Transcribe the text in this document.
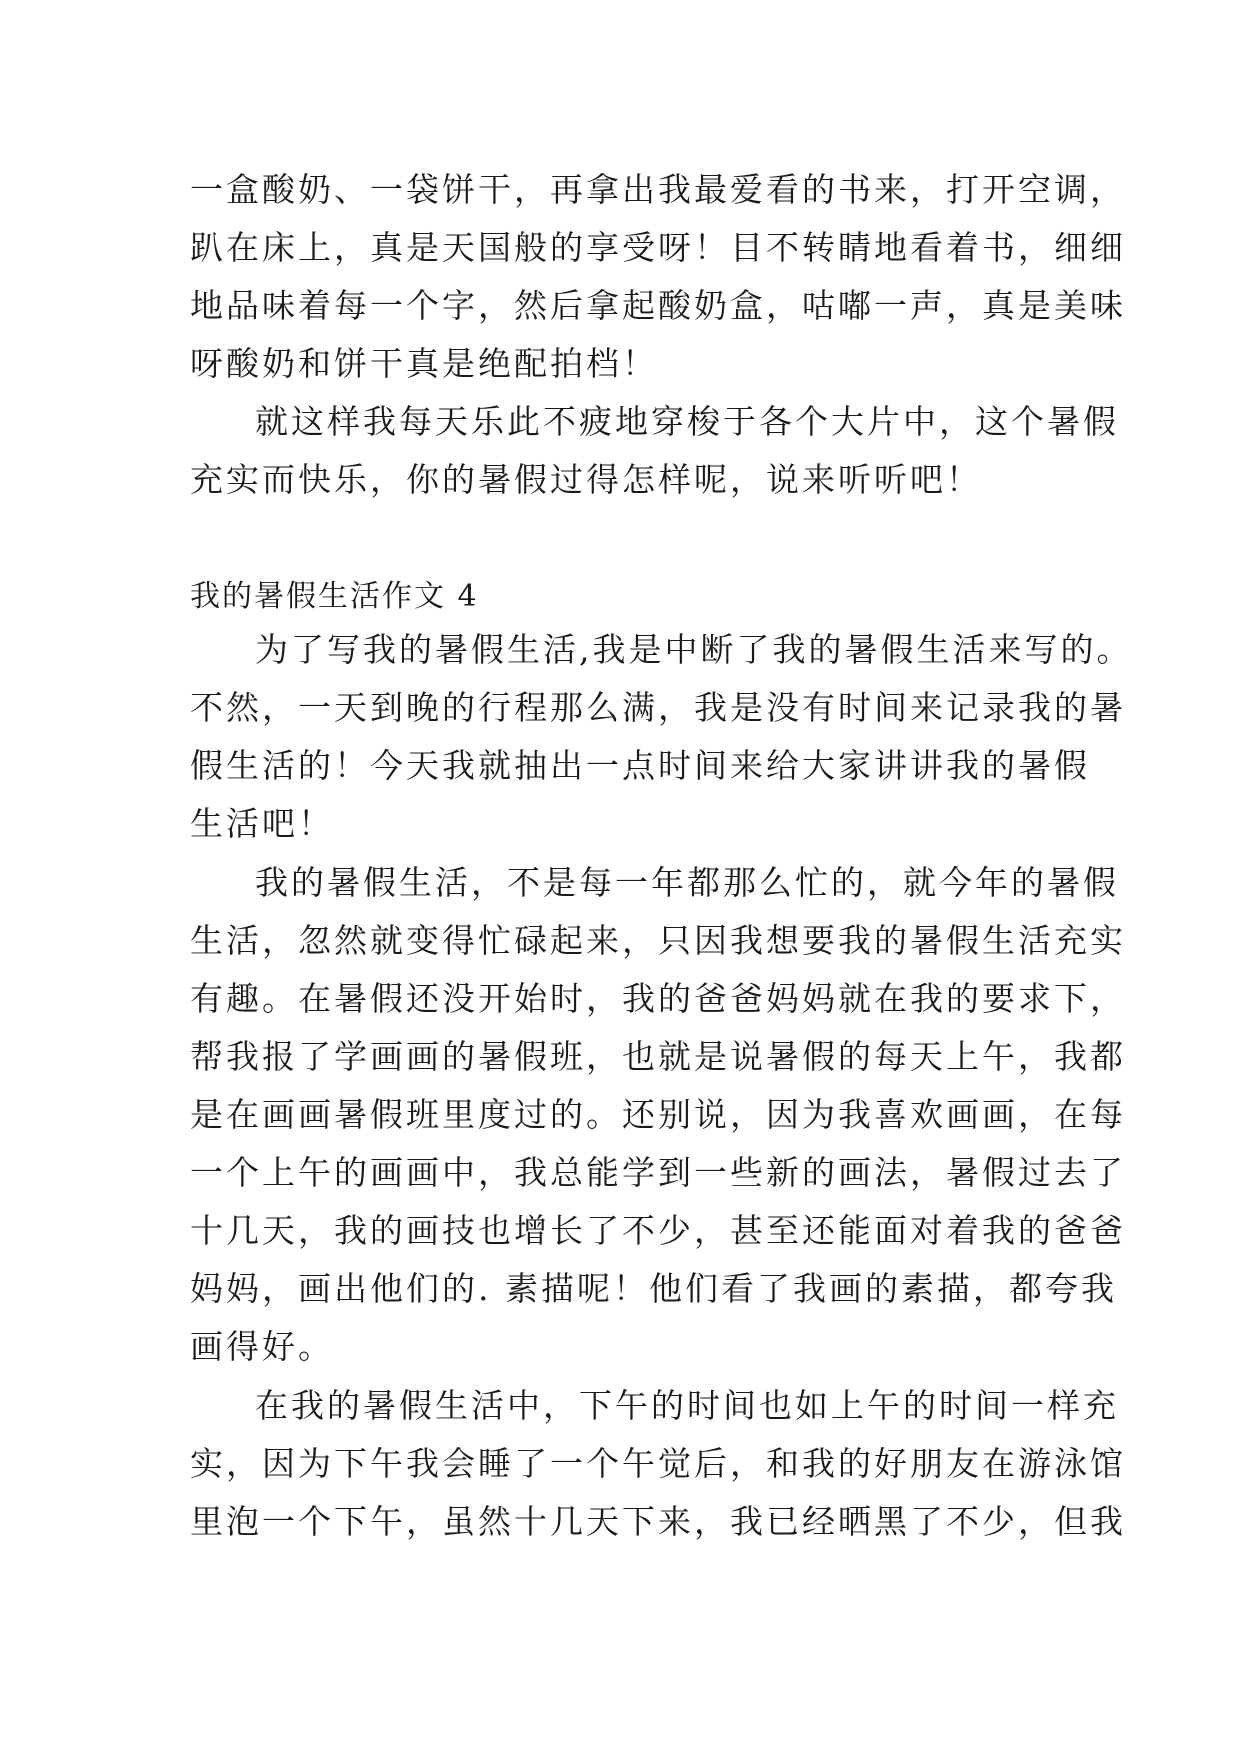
一盒酸奶、一袋饼干，再拿出我最爱看的书来，打开空调，
趴在床上，真是天国般的享受呀！目不转睛地看着书，细细
地品味着每一个字，然后拿起酸奶盒，咕嘟一声，真是美味
呀酸奶和饼干真是绝配拍档！
就这样我每天乐此不疲地穿梭于各个大片中，这个暑假
充实而快乐，你的暑假过得怎样呢，说来听听吧！
我的暑假生活作文 4
为了写我的暑假生活,我是中断了我的暑假生活来写的。
不然，一天到晚的行程那么满，我是没有时间来记录我的暑
假生活的！今天我就抽出一点时间来给大家讲讲我的暑假
生活吧！
我的暑假生活，不是每一年都那么忙的，就今年的暑假
生活，忽然就变得忙碌起来，只因我想要我的暑假生活充实
有趣。在暑假还没开始时，我的爸爸妈妈就在我的要求下，
帮我报了学画画的暑假班，也就是说暑假的每天上午，我都
是在画画暑假班里度过的。还别说，因为我喜欢画画，在每
一个上午的画画中，我总能学到一些新的画法，暑假过去了
十几天，我的画技也增长了不少，甚至还能面对着我的爸爸
妈妈，画出他们的. 素描呢！他们看了我画的素描，都夸我
画得好。
在我的暑假生活中，下午的时间也如上午的时间一样充
实，因为下午我会睡了一个午觉后，和我的好朋友在游泳馆
里泡一个下午，虽然十几天下来，我已经晒黑了不少，但我
